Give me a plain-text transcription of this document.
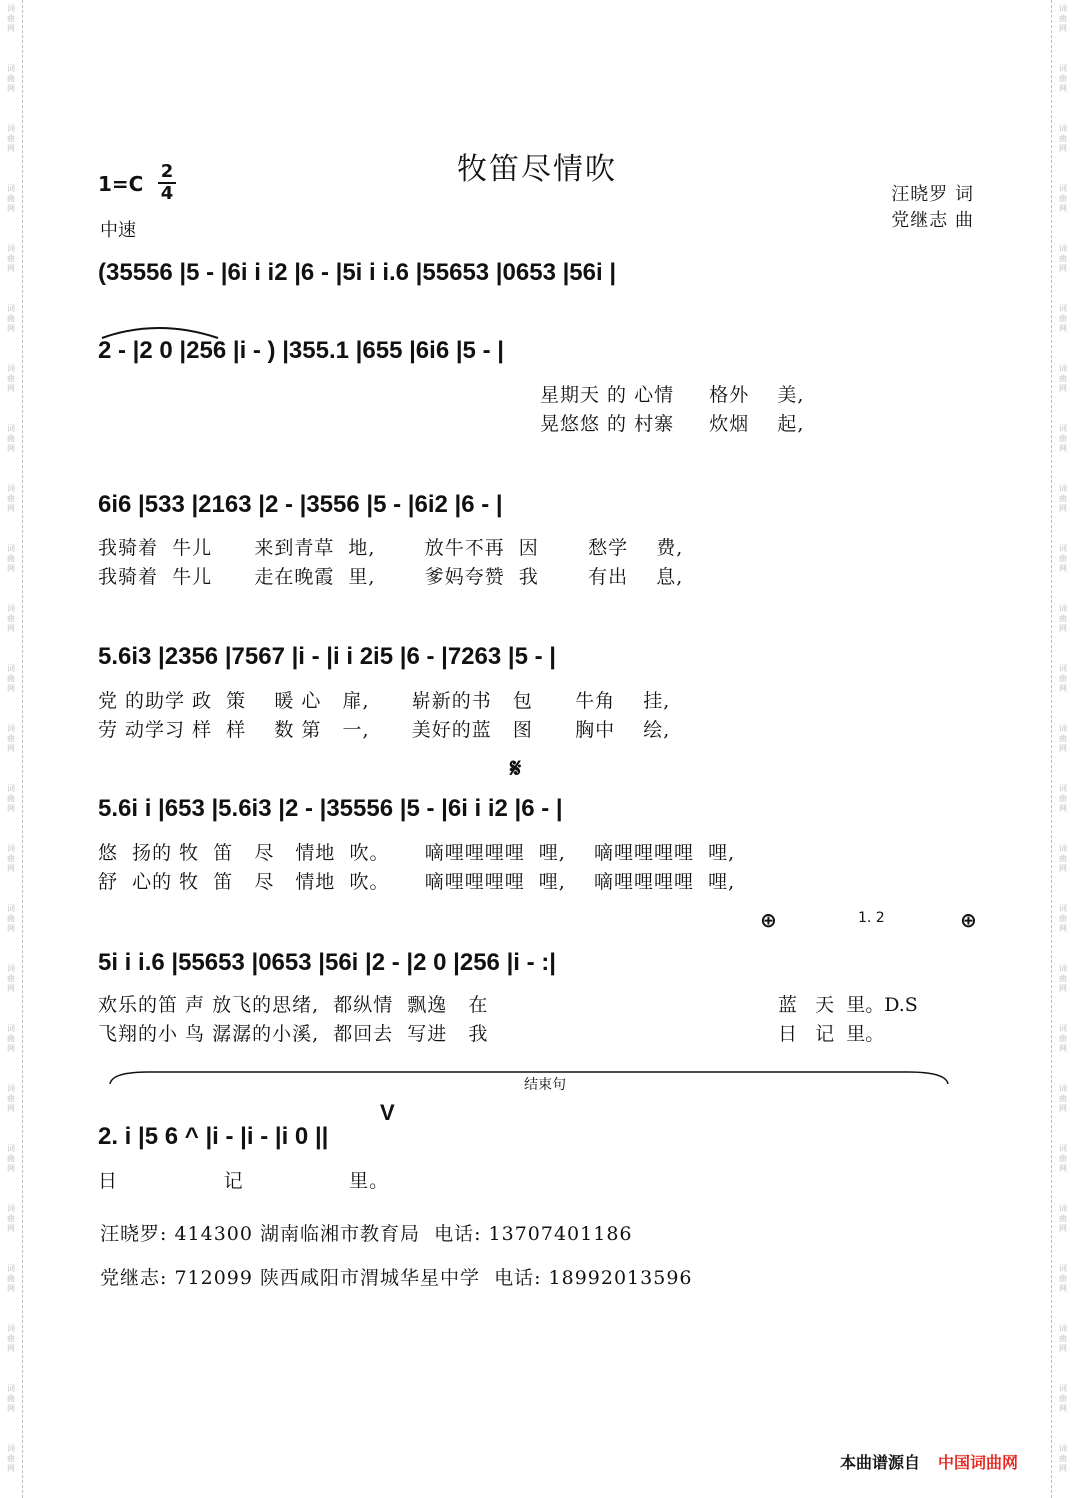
词
曲
网
词
曲
网
词
曲
网
词
曲
网
词
曲
网
词
曲
网
词
曲
网
词
曲
网
词
曲
网
词
曲
网
词
曲
网
词
曲
网
词
曲
网
词
曲
网
词
曲
网
词
曲
网
词
曲
网
词
曲
网
词
曲
网
词
曲
网
词
曲
网
词
曲
网
词
曲
网
词
曲
网
词
曲
网
词
曲
网
词
曲
网
词
曲
网
词
曲
网
词
曲
网
词
曲
网
词
曲
网
词
曲
网
词
曲
网
词
曲
网
词
曲
网
词
曲
网
词
曲
网
词
曲
网
词
曲
网
词
曲
网
词
曲
网
词
曲
网
词
曲
网
词
曲
网
词
曲
网
词
曲
网
词
曲
网
词
曲
网
词
曲
网
牧笛尽情吹
$1=C \frac{2}{4}$
中速
汪晓罗 词
党继志 曲
(35556 |5 - |6i i i2 |6 - |5i i i.6 |55653 |0653 |56i |
2 - |2 0 |256 |i - ) |355.1 |655 |6i6 |5 - |
星期天 的 心情     格外    美,
晃悠悠 的 村寨     炊烟    起,
6i6 |533 |2163 |2 - |3556 |5 - |6i2 |6 - |
我骑着  牛儿      来到青草  地,       放牛不再  因       愁学    费,
我骑着  牛儿      走在晚霞  里,       爹妈夸赞  我       有出    息,
5.6i3 |2356 |7567 |i - |i i 2i5 |6 - |7263 |5 - |
党 的助学 政  策    暖 心   扉,      崭新的书   包      牛角    挂,
劳 动学习 样  样    数 第   一,      美好的蓝   图      胸中    绘,
𝄋
5.6i i |653 |5.6i3 |2 - |35556 |5 - |6i i i2 |6 - |
悠  扬的 牧  笛   尽   情地  吹。     嘀哩哩哩哩  哩,    嘀哩哩哩哩  哩,
舒  心的 牧  笛   尽   情地  吹。     嘀哩哩哩哩  哩,    嘀哩哩哩哩  哩,
⊕	⊕
1. 2
5i i i.6 |55653 |0653 |56i |2 - |2 0 |256 |i - :|
欢乐的笛 声 放飞的思绪,  都纵情  飘逸   在	蓝   天  里。D.S
飞翔的小 鸟 潺潺的小溪,  都回去  写进   我	日   记  里。
结束句
2. i |5 6 ^ |i - |i - |i 0 ||
V
日               记               里。
汪晓罗: 414300 湖南临湘市教育局  电话: 13707401186
党继志: 712099 陕西咸阳市渭城华星中学  电话: 18992013596
本曲谱源自 中国词曲网
